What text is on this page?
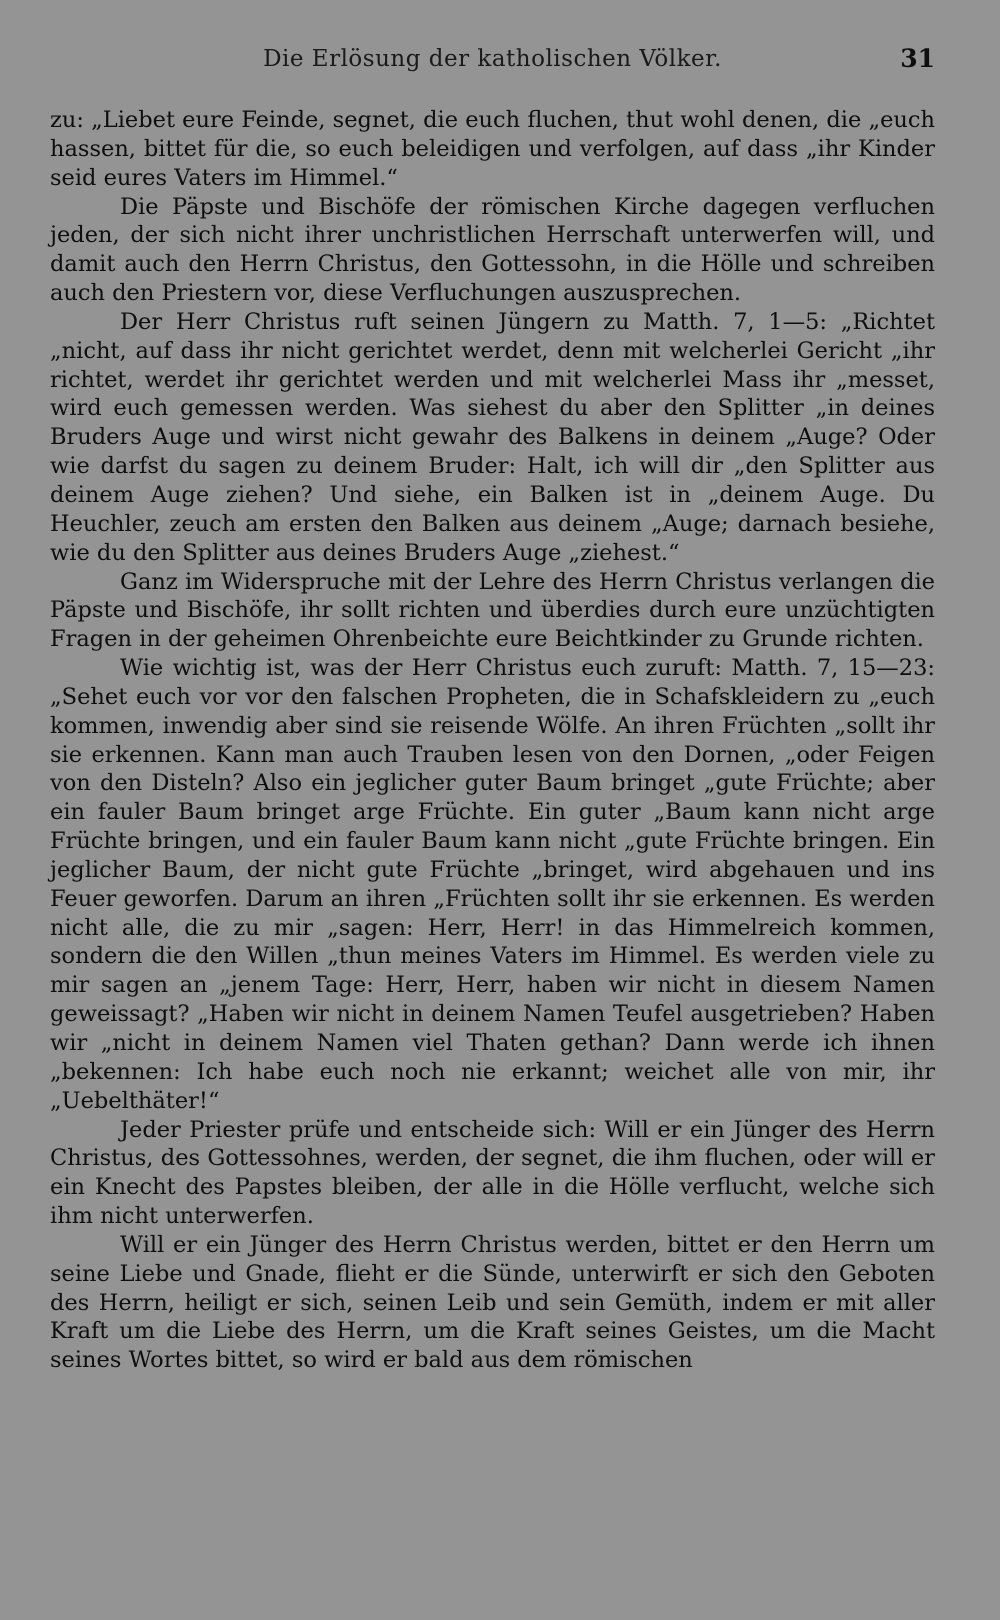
Die Erlösung der katholischen Völker.	31

zu: „Liebet eure Feinde, segnet, die euch fluchen, thut wohl denen, die „euch hassen, bittet für die, so euch beleidigen und verfolgen, auf dass „ihr Kinder seid eures Vaters im Himmel.“

Die Päpste und Bischöfe der römischen Kirche dagegen verfluchen jeden, der sich nicht ihrer unchristlichen Herrschaft unterwerfen will, und damit auch den Herrn Christus, den Gottessohn, in die Hölle und schreiben auch den Priestern vor, diese Verfluchungen auszusprechen.

Der Herr Christus ruft seinen Jüngern zu Matth. 7, 1—5: „Richtet „nicht, auf dass ihr nicht gerichtet werdet, denn mit welcherlei Gericht „ihr richtet, werdet ihr gerichtet werden und mit welcherlei Mass ihr „messet, wird euch gemessen werden. Was siehest du aber den Splitter „in deines Bruders Auge und wirst nicht gewahr des Balkens in deinem „Auge? Oder wie darfst du sagen zu deinem Bruder: Halt, ich will dir „den Splitter aus deinem Auge ziehen? Und siehe, ein Balken ist in „deinem Auge. Du Heuchler, zeuch am ersten den Balken aus deinem „Auge; darnach besiehe, wie du den Splitter aus deines Bruders Auge „ziehest.“

Ganz im Widerspruche mit der Lehre des Herrn Christus verlangen die Päpste und Bischöfe, ihr sollt richten und überdies durch eure unzüchtigten Fragen in der geheimen Ohrenbeichte eure Beichtkinder zu Grunde richten.

Wie wichtig ist, was der Herr Christus euch zuruft: Matth. 7, 15—23: „Sehet euch vor vor den falschen Propheten, die in Schafskleidern zu „euch kommen, inwendig aber sind sie reisende Wölfe. An ihren Früchten „sollt ihr sie erkennen. Kann man auch Trauben lesen von den Dornen, „oder Feigen von den Disteln? Also ein jeglicher guter Baum bringet „gute Früchte; aber ein fauler Baum bringet arge Früchte. Ein guter „Baum kann nicht arge Früchte bringen, und ein fauler Baum kann nicht „gute Früchte bringen. Ein jeglicher Baum, der nicht gute Früchte „bringet, wird abgehauen und ins Feuer geworfen. Darum an ihren „Früchten sollt ihr sie erkennen. Es werden nicht alle, die zu mir „sagen: Herr, Herr! in das Himmelreich kommen, sondern die den Willen „thun meines Vaters im Himmel. Es werden viele zu mir sagen an „jenem Tage: Herr, Herr, haben wir nicht in diesem Namen geweissagt? „Haben wir nicht in deinem Namen Teufel ausgetrieben? Haben wir „nicht in deinem Namen viel Thaten gethan? Dann werde ich ihnen „bekennen: Ich habe euch noch nie erkannt; weichet alle von mir, ihr „Uebelthäter!“

Jeder Priester prüfe und entscheide sich: Will er ein Jünger des Herrn Christus, des Gottessohnes, werden, der segnet, die ihm fluchen, oder will er ein Knecht des Papstes bleiben, der alle in die Hölle verflucht, welche sich ihm nicht unterwerfen.

Will er ein Jünger des Herrn Christus werden, bittet er den Herrn um seine Liebe und Gnade, flieht er die Sünde, unterwirft er sich den Geboten des Herrn, heiligt er sich, seinen Leib und sein Gemüth, indem er mit aller Kraft um die Liebe des Herrn, um die Kraft seines Geistes, um die Macht seines Wortes bittet, so wird er bald aus dem römischen
